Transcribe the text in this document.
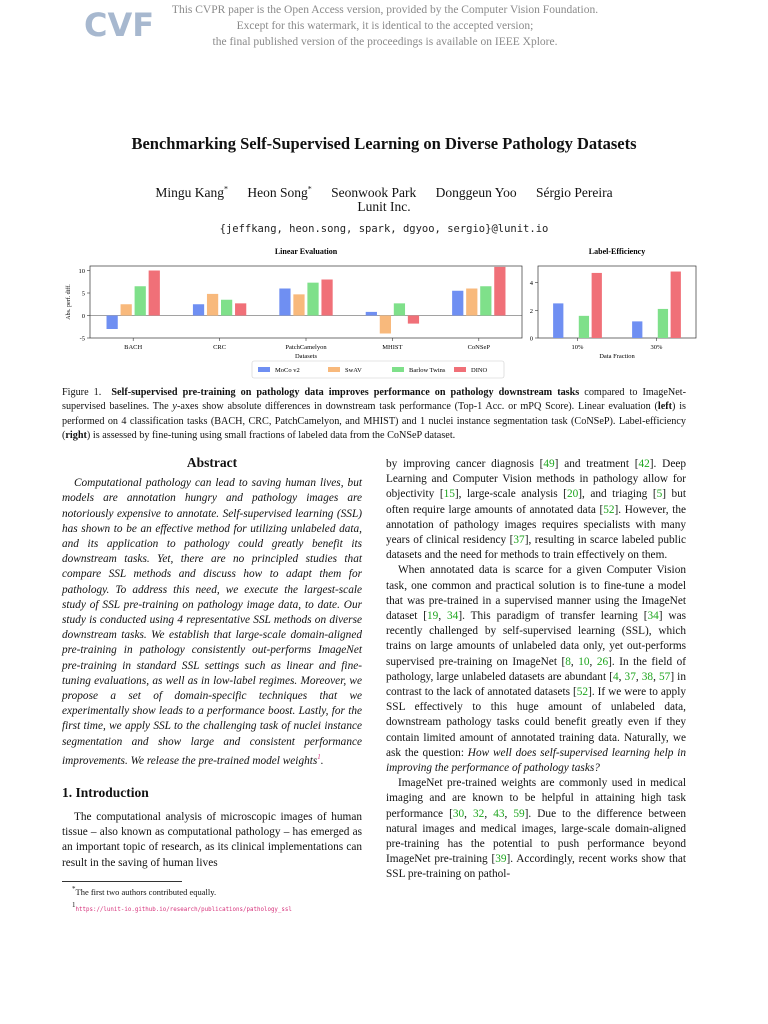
CVF	This CVPR paper is the Open Access version, provided by the Computer Vision Foundation.
Except for this watermark, it is identical to the accepted version;
the final published version of the proceedings is available on IEEE Xplore.
Benchmarking Self-Supervised Learning on Diverse Pathology Datasets
Mingu Kang* Heon Song* Seonwook Park Donggeun Yoo Sérgio Pereira
Lunit Inc.
{jeffkang, heon.song, spark, dgyoo, sergio}@lunit.io
Linear Evaluation
-5
0
5
10
Abs. perf. diff.
BACH	CRC	PatchCamelyon	MHIST	CoNSeP
Datasets
Label-Efficiency
0
2
4
10%	30%
Data Fraction
MoCo v2	SwAV	Barlow Twins	DINO
Figure 1. Self-supervised pre-training on pathology data improves performance on pathology downstream tasks compared to ImageNet-supervised baselines. The y-axes show absolute differences in downstream task performance (Top-1 Acc. or mPQ Score). Linear evaluation (left) is performed on 4 classification tasks (BACH, CRC, PatchCamelyon, and MHIST) and 1 nuclei instance segmentation task (CoNSeP). Label-efficiency (right) is assessed by fine-tuning using small fractions of labeled data from the CoNSeP dataset.
Abstract

Computational pathology can lead to saving human lives, but models are annotation hungry and pathology images are notoriously expensive to annotate. Self-supervised learning (SSL) has shown to be an effective method for utilizing unlabeled data, and its application to pathology could greatly benefit its downstream tasks. Yet, there are no principled studies that compare SSL methods and discuss how to adapt them for pathology. To address this need, we execute the largest-scale study of SSL pre-training on pathology image data, to date. Our study is conducted using 4 representative SSL methods on diverse downstream tasks. We establish that large-scale domain-aligned pre-training in pathology consistently out-performs ImageNet pre-training in standard SSL settings such as linear and fine-tuning evaluations, as well as in low-label regimes. Moreover, we propose a set of domain-specific techniques that we experimentally show leads to a performance boost. Lastly, for the first time, we apply SSL to the challenging task of nuclei instance segmentation and show large and consistent performance improvements. We release the pre-trained model weights$^1$.

1. Introduction

The computational analysis of microscopic images of human tissue – also known as computational pathology – has emerged as an important topic of research, as its clinical implementations can result in the saving of human lives

*The first two authors contributed equally.

$^1$https://lunit-io.github.io/research/publications/pathology_ssl

by improving cancer diagnosis [49] and treatment [42]. Deep Learning and Computer Vision methods in pathology allow for objectivity [15], large-scale analysis [20], and triaging [5] but often require large amounts of annotated data [52]. However, the annotation of pathology images requires specialists with many years of clinical residency [37], resulting in scarce labeled public datasets and the need for methods to train effectively on them.

When annotated data is scarce for a given Computer Vision task, one common and practical solution is to fine-tune a model that was pre-trained in a supervised manner using the ImageNet dataset [19, 34]. This paradigm of transfer learning [34] was recently challenged by self-supervised learning (SSL), which trains on large amounts of unlabeled data only, yet out-performs supervised pre-training on ImageNet [8, 10, 26]. In the field of pathology, large unlabeled datasets are abundant [4, 37, 38, 57] in contrast to the lack of annotated datasets [52]. If we were to apply SSL effectively to this huge amount of unlabeled data, downstream pathology tasks could benefit greatly even if they contain limited amount of annotated training data. Naturally, we ask the question: How well does self-supervised learning help in improving the performance of pathology tasks?

ImageNet pre-trained weights are commonly used in medical imaging and are known to be helpful in attaining high task performance [30, 32, 43, 59]. Due to the difference between natural images and medical images, large-scale domain-aligned pre-training has the potential to push performance beyond ImageNet pre-training [39]. Accordingly, recent works show that SSL pre-training on pathol-
